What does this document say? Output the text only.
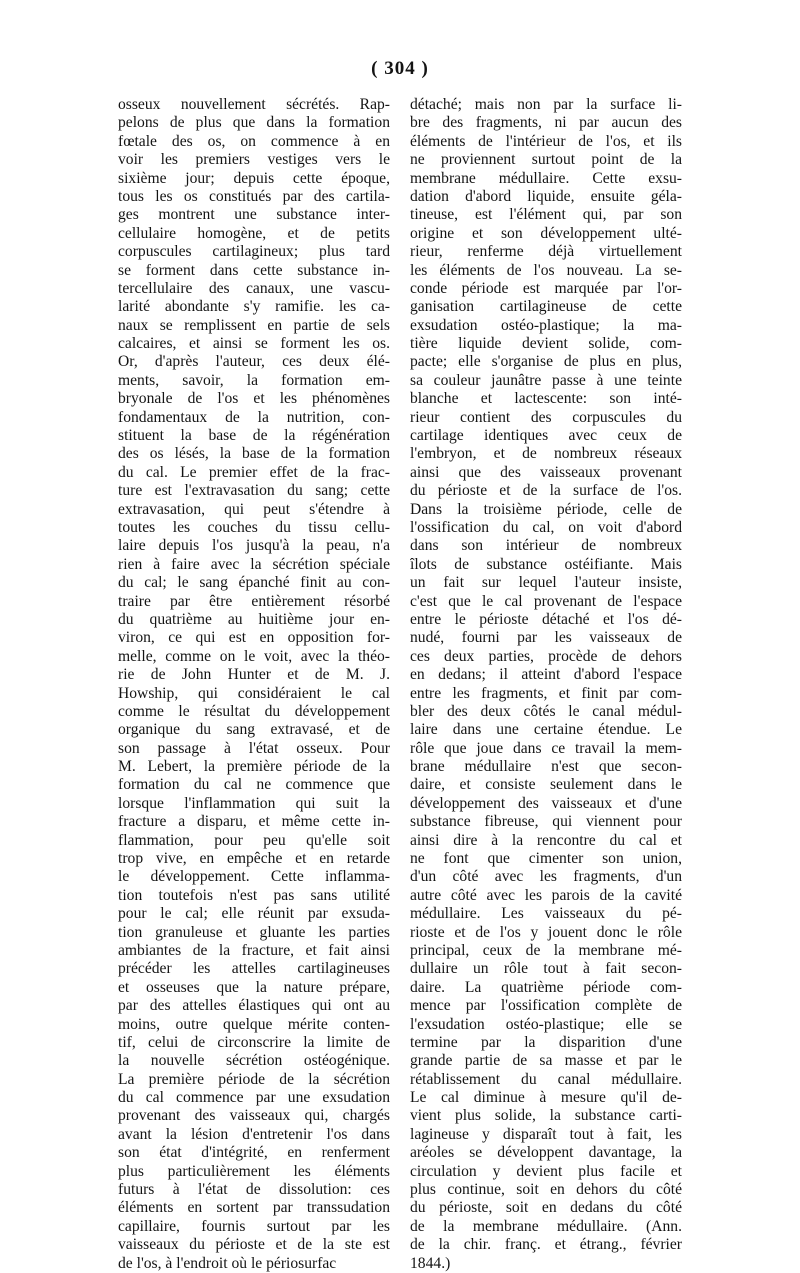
( 304 )
osseux nouvellement sécrétés. Rap-
pelons de plus que dans la formation
fœtale des os, on commence à en
voir les premiers vestiges vers le
sixième jour; depuis cette époque,
tous les os constitués par des cartila-
ges montrent une substance inter-
cellulaire homogène, et de petits
corpuscules cartilagineux; plus tard
se forment dans cette substance in-
tercellulaire des canaux, une vascu-
larité abondante s'y ramifie. les ca-
naux se remplissent en partie de sels
calcaires, et ainsi se forment les os.
Or, d'après l'auteur, ces deux élé-
ments, savoir, la formation em-
bryonale de l'os et les phénomènes
fondamentaux de la nutrition, con-
stituent la base de la régénération
des os lésés, la base de la formation
du cal. Le premier effet de la frac-
ture est l'extravasation du sang; cette
extravasation, qui peut s'étendre à
toutes les couches du tissu cellu-
laire depuis l'os jusqu'à la peau, n'a
rien à faire avec la sécrétion spéciale
du cal; le sang épanché finit au con-
traire par être entièrement résorbé
du quatrième au huitième jour en-
viron, ce qui est en opposition for-
melle, comme on le voit, avec la théo-
rie de John Hunter et de M. J.
Howship, qui considéraient le cal
comme le résultat du développement
organique du sang extravasé, et de
son passage à l'état osseux. Pour
M. Lebert, la première période de la
formation du cal ne commence que
lorsque l'inflammation qui suit la
fracture a disparu, et même cette in-
flammation, pour peu qu'elle soit
trop vive, en empêche et en retarde
le développement. Cette inflamma-
tion toutefois n'est pas sans utilité
pour le cal; elle réunit par exsuda-
tion granuleuse et gluante les parties
ambiantes de la fracture, et fait ainsi
précéder les attelles cartilagineuses
et osseuses que la nature prépare,
par des attelles élastiques qui ont au
moins, outre quelque mérite conten-
tif, celui de circonscrire la limite de
la nouvelle sécrétion ostéogénique.
La première période de la sécrétion
du cal commence par une exsudation
provenant des vaisseaux qui, chargés
avant la lésion d'entretenir l'os dans
son état d'intégrité, en renferment
plus particulièrement les éléments
futurs à l'état de dissolution: ces
éléments en sortent par transsudation
capillaire, fournis surtout par les
vaisseaux du périoste et de la ste est
de l'os, à l'endroit où le périosurfac
détaché; mais non par la surface li-
bre des fragments, ni par aucun des
éléments de l'intérieur de l'os, et ils
ne proviennent surtout point de la
membrane médullaire. Cette exsu-
dation d'abord liquide, ensuite géla-
tineuse, est l'élément qui, par son
origine et son développement ulté-
rieur, renferme déjà virtuellement
les éléments de l'os nouveau. La se-
conde période est marquée par l'or-
ganisation cartilagineuse de cette
exsudation ostéo-plastique; la ma-
tière liquide devient solide, com-
pacte; elle s'organise de plus en plus,
sa couleur jaunâtre passe à une teinte
blanche et lactescente: son inté-
rieur contient des corpuscules du
cartilage identiques avec ceux de
l'embryon, et de nombreux réseaux
ainsi que des vaisseaux provenant
du périoste et de la surface de l'os.
Dans la troisième période, celle de
l'ossification du cal, on voit d'abord
dans son intérieur de nombreux
îlots de substance ostéifiante. Mais
un fait sur lequel l'auteur insiste,
c'est que le cal provenant de l'espace
entre le périoste détaché et l'os dé-
nudé, fourni par les vaisseaux de
ces deux parties, procède de dehors
en dedans; il atteint d'abord l'espace
entre les fragments, et finit par com-
bler des deux côtés le canal médul-
laire dans une certaine étendue. Le
rôle que joue dans ce travail la mem-
brane médullaire n'est que secon-
daire, et consiste seulement dans le
développement des vaisseaux et d'une
substance fibreuse, qui viennent pour
ainsi dire à la rencontre du cal et
ne font que cimenter son union,
d'un côté avec les fragments, d'un
autre côté avec les parois de la cavité
médullaire. Les vaisseaux du pé-
rioste et de l'os y jouent donc le rôle
principal, ceux de la membrane mé-
dullaire un rôle tout à fait secon-
daire. La quatrième période com-
mence par l'ossification complète de
l'exsudation ostéo-plastique; elle se
termine par la disparition d'une
grande partie de sa masse et par le
rétablissement du canal médullaire.
Le cal diminue à mesure qu'il de-
vient plus solide, la substance carti-
lagineuse y disparaît tout à fait, les
aréoles se développent davantage, la
circulation y devient plus facile et
plus continue, soit en dehors du côté
du périoste, soit en dedans du côté
de la membrane médullaire. (Ann.
de la chir. franç. et étrang., février
1844.)
